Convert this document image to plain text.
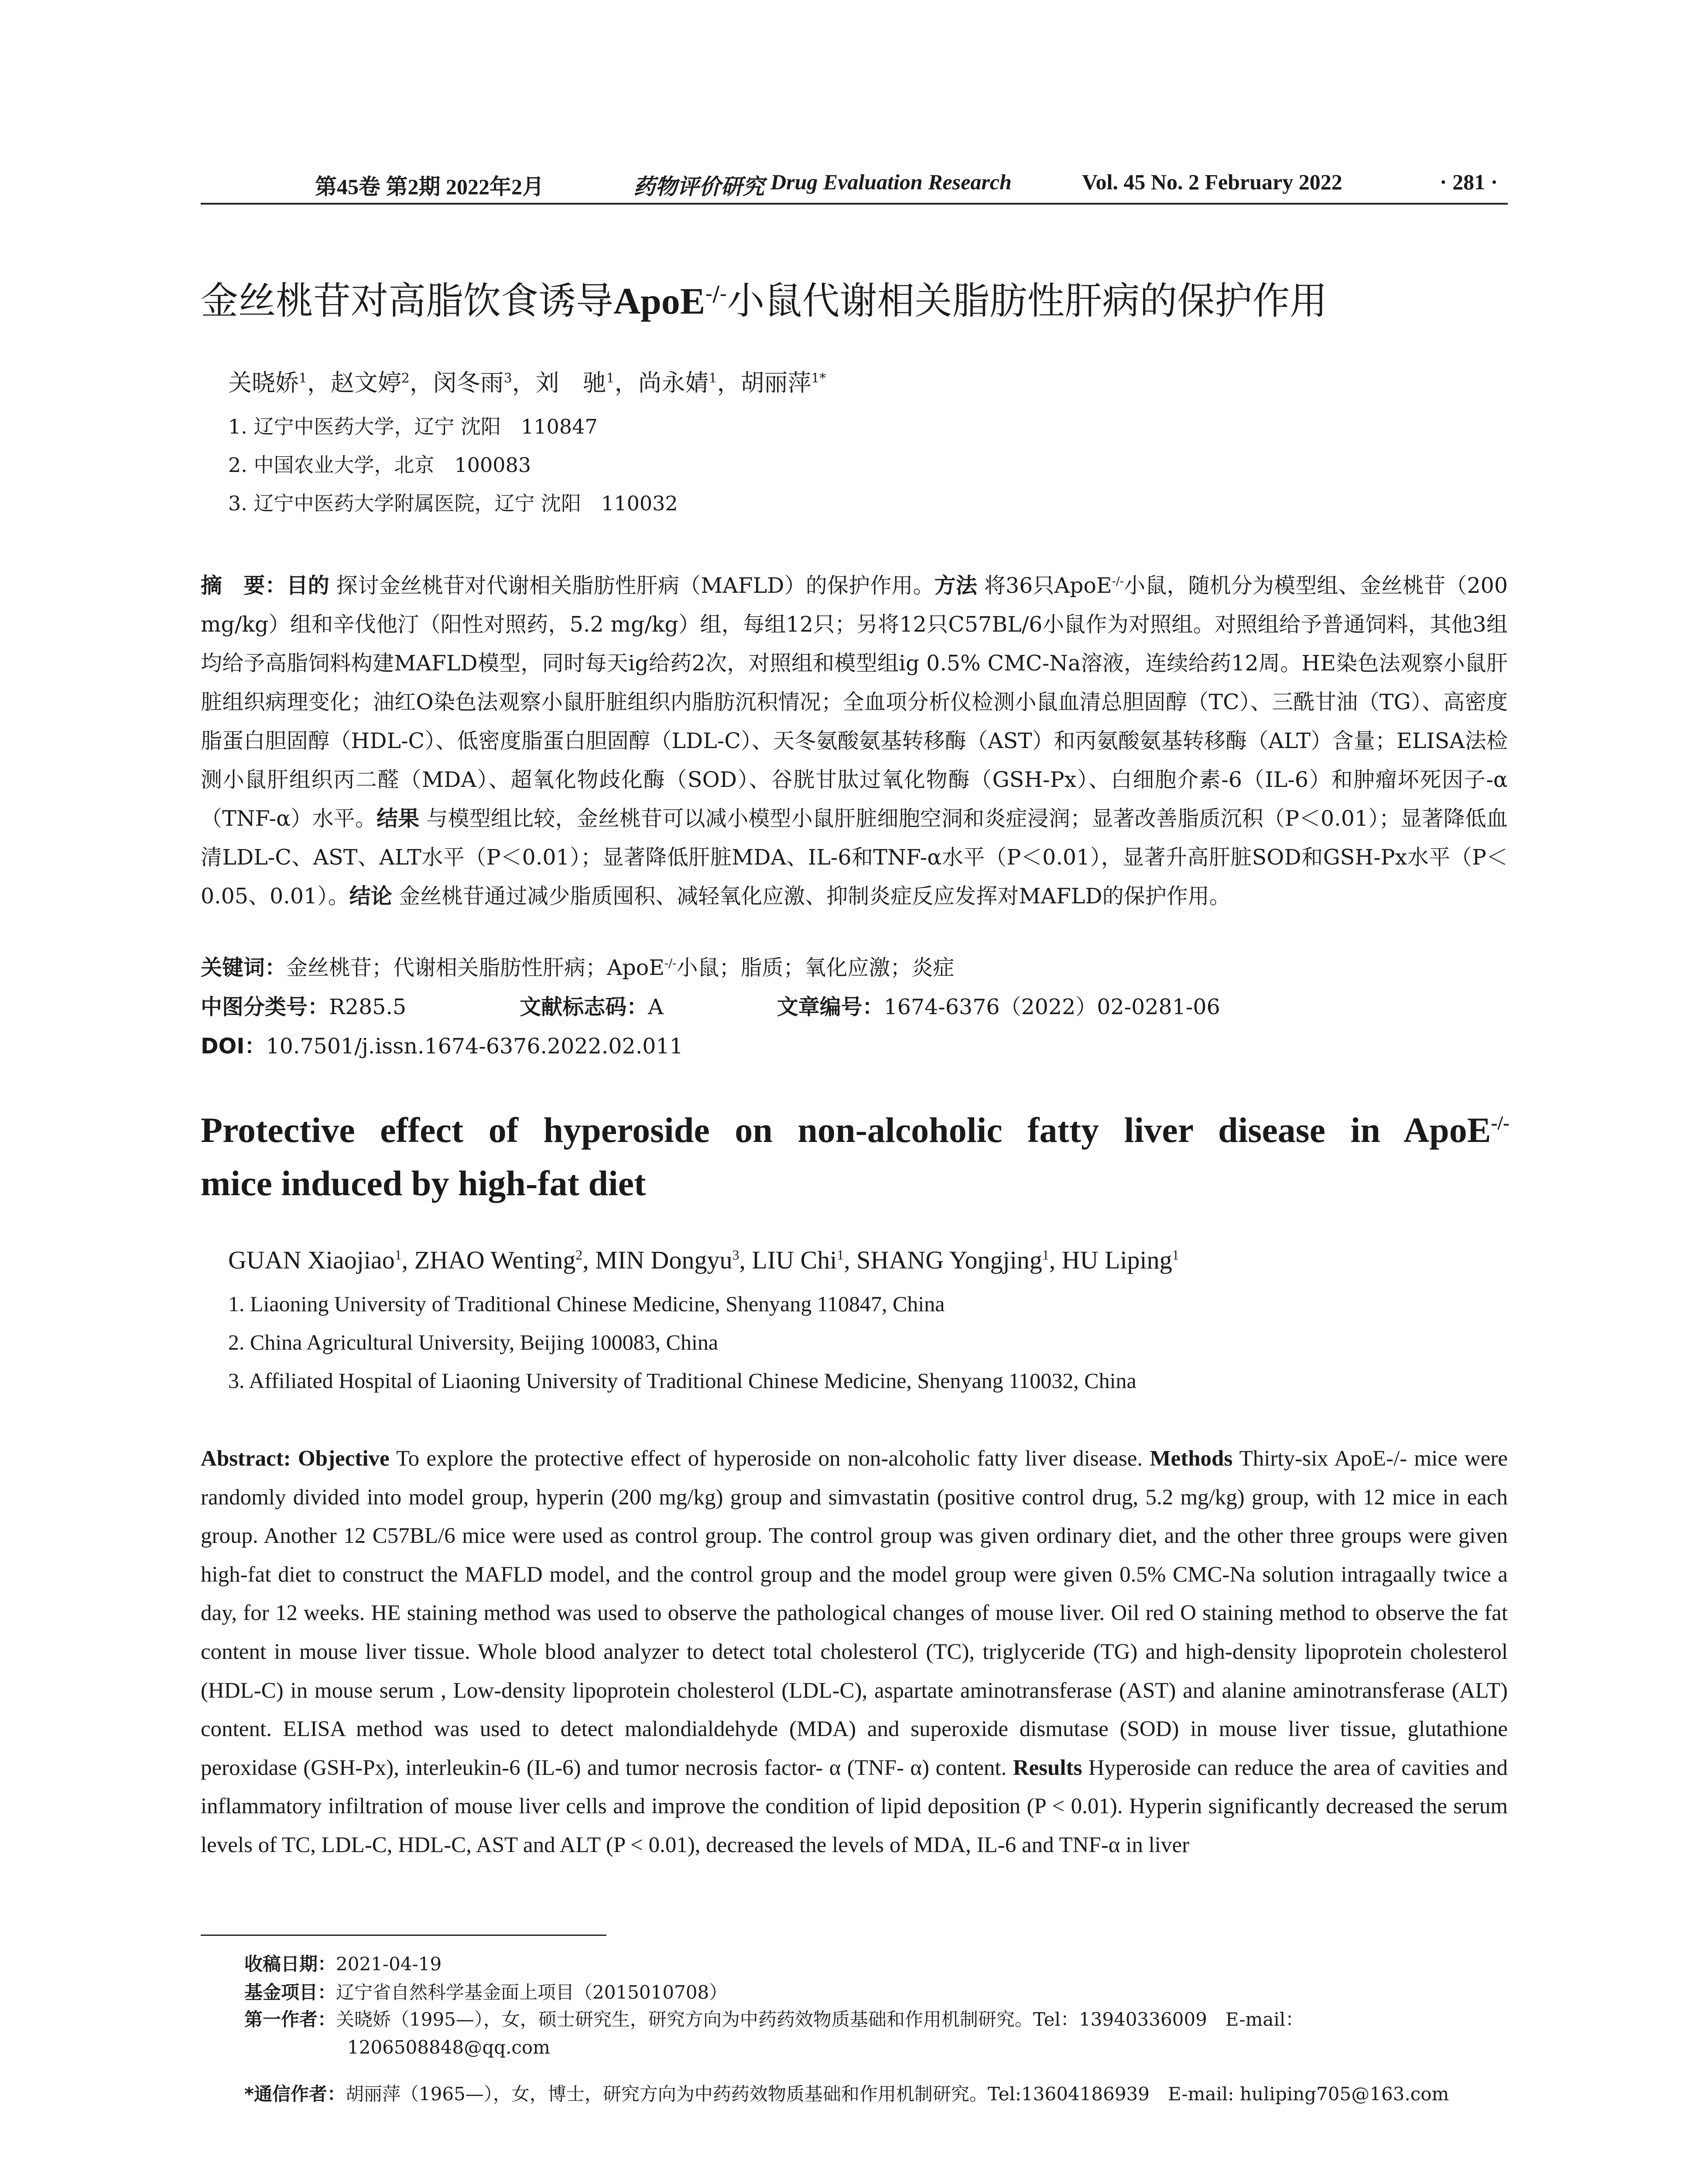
第45卷 第2期 2022年2月	药物评价研究 Drug Evaluation Research	Vol. 45 No. 2 February 2022	· 281 ·
金丝桃苷对高脂饮食诱导ApoE-/-小鼠代谢相关脂肪性肝病的保护作用
关晓娇$^1$，赵文婷$^2$，闵冬雨$^3$，刘　驰$^1$，尚永婧$^1$，胡丽萍$^{1*}$
1. 辽宁中医药大学，辽宁 沈阳　110847
2. 中国农业大学，北京　100083
3. 辽宁中医药大学附属医院，辽宁 沈阳　110032
摘　要：目的 探讨金丝桃苷对代谢相关脂肪性肝病（MAFLD）的保护作用。方法 将36只ApoE-/-小鼠，随机分为模型组、金丝桃苷（200 mg/kg）组和辛伐他汀（阳性对照药，5.2 mg/kg）组，每组12只；另将12只C57BL/6小鼠作为对照组。对照组给予普通饲料，其他3组均给予高脂饲料构建MAFLD模型，同时每天ig给药2次，对照组和模型组ig 0.5% CMC-Na溶液，连续给药12周。HE染色法观察小鼠肝脏组织病理变化；油红O染色法观察小鼠肝脏组织内脂肪沉积情况；全血项分析仪检测小鼠血清总胆固醇（TC）、三酰甘油（TG）、高密度脂蛋白胆固醇（HDL-C）、低密度脂蛋白胆固醇（LDL-C）、天冬氨酸氨基转移酶（AST）和丙氨酸氨基转移酶（ALT）含量；ELISA法检测小鼠肝组织丙二醛（MDA）、超氧化物歧化酶（SOD）、谷胱甘肽过氧化物酶（GSH-Px）、白细胞介素-6（IL-6）和肿瘤坏死因子-α（TNF-α）水平。结果 与模型组比较，金丝桃苷可以减小模型小鼠肝脏细胞空洞和炎症浸润；显著改善脂质沉积（P＜0.01）；显著降低血清LDL-C、AST、ALT水平（P＜0.01）；显著降低肝脏MDA、IL-6和TNF-α水平（P＜0.01），显著升高肝脏SOD和GSH-Px水平（P＜0.05、0.01）。结论 金丝桃苷通过减少脂质囤积、减轻氧化应激、抑制炎症反应发挥对MAFLD的保护作用。
关键词：金丝桃苷；代谢相关脂肪性肝病；ApoE-/-小鼠；脂质；氧化应激；炎症
中图分类号：R285.5	文献标志码：A	文章编号：1674-6376（2022）02-0281-06
DOI：10.7501/j.issn.1674-6376.2022.02.011
Protective effect of hyperoside on non-alcoholic fatty liver disease in ApoE-/-
mice induced by high-fat diet
GUAN Xiaojiao$^1$, ZHAO Wenting$^2$, MIN Dongyu$^3$, LIU Chi$^1$, SHANG Yongjing$^1$, HU Liping$^1$
1. Liaoning University of Traditional Chinese Medicine, Shenyang 110847, China
2. China Agricultural University, Beijing 100083, China
3. Affiliated Hospital of Liaoning University of Traditional Chinese Medicine, Shenyang 110032, China
Abstract: Objective To explore the protective effect of hyperoside on non-alcoholic fatty liver disease. Methods Thirty-six ApoE-/- mice were randomly divided into model group, hyperin (200 mg/kg) group and simvastatin (positive control drug, 5.2 mg/kg) group, with 12 mice in each group. Another 12 C57BL/6 mice were used as control group. The control group was given ordinary diet, and the other three groups were given high-fat diet to construct the MAFLD model, and the control group and the model group were given 0.5% CMC-Na solution intragaally twice a day, for 12 weeks. HE staining method was used to observe the pathological changes of mouse liver. Oil red O staining method to observe the fat content in mouse liver tissue. Whole blood analyzer to detect total cholesterol (TC), triglyceride (TG) and high-density lipoprotein cholesterol (HDL-C) in mouse serum , Low-density lipoprotein cholesterol (LDL-C), aspartate aminotransferase (AST) and alanine aminotransferase (ALT) content. ELISA method was used to detect malondialdehyde (MDA) and superoxide dismutase (SOD) in mouse liver tissue, glutathione peroxidase (GSH-Px), interleukin-6 (IL-6) and tumor necrosis factor- α (TNF- α) content. Results Hyperoside can reduce the area of cavities and inflammatory infiltration of mouse liver cells and improve the condition of lipid deposition (P < 0.01). Hyperin significantly decreased the serum levels of TC, LDL-C, HDL-C, AST and ALT (P < 0.01), decreased the levels of MDA, IL-6 and TNF-α in liver
收稿日期：2021-04-19
基金项目：辽宁省自然科学基金面上项目（2015010708）
第一作者：关晓娇（1995—），女，硕士研究生，研究方向为中药药效物质基础和作用机制研究。Tel：13940336009　E-mail：
1206508848@qq.com
*通信作者：胡丽萍（1965—），女，博士，研究方向为中药药效物质基础和作用机制研究。Tel:13604186939　E-mail: huliping705@163.com
